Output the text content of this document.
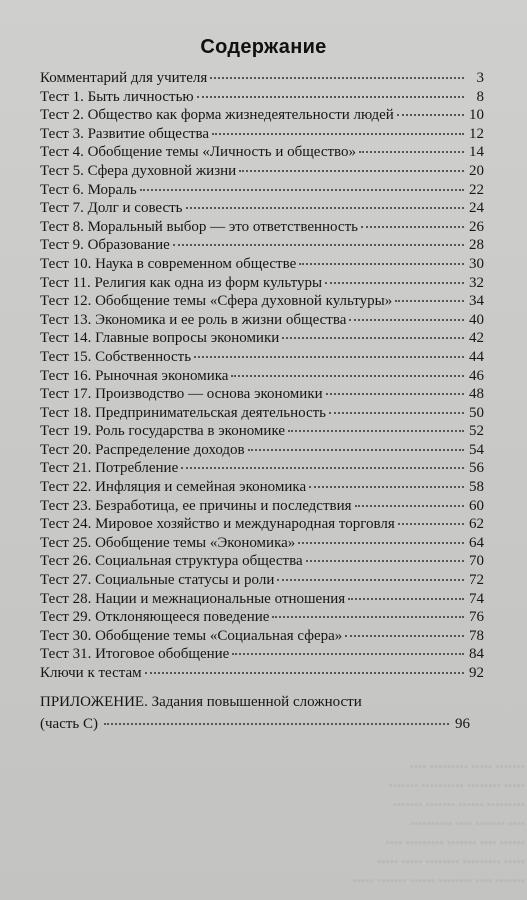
▪▪▪▪▪▪▪ ▪▪▪▪ ▪▪▪▪▪▪▪▪ ▪▪▪▪▪▪ ▪▪▪▪▪▪▪ ▪▪▪▪▪
▪▪▪▪▪ ▪▪▪▪▪▪▪▪▪ ▪▪▪▪▪▪▪▪ ▪▪▪▪▪ ▪▪▪▪▪
▪▪▪▪▪▪ ▪▪▪▪ ▪▪▪▪▪▪▪ ▪▪▪▪▪▪▪▪▪ ▪▪▪▪
▪▪▪▪ ▪▪▪▪▪▪▪ ▪▪▪▪ ▪▪▪▪▪▪▪▪▪▪
▪▪▪▪▪▪▪▪▪ ▪▪▪▪▪▪ ▪▪▪▪▪▪▪ ▪▪▪▪▪▪▪
▪▪▪▪▪ ▪▪▪▪▪▪▪▪ ▪▪▪▪▪▪▪▪▪▪ ▪▪▪▪▪▪▪
▪▪▪▪▪▪▪ ▪▪▪▪▪ ▪▪▪▪▪▪▪▪▪ ▪▪▪▪
Содержание
Комментарий для учителя	3
Тест 1. Быть личностью	8
Тест 2. Общество как форма жизнедеятельности людей	10
Тест 3. Развитие общества	12
Тест 4. Обобщение темы «Личность и общество»	14
Тест 5. Сфера духовной жизни	20
Тест 6. Мораль	22
Тест 7. Долг и совесть	24
Тест 8. Моральный выбор — это ответственность	26
Тест 9. Образование	28
Тест 10. Наука в современном обществе	30
Тест 11. Религия как одна из форм культуры	32
Тест 12. Обобщение темы «Сфера духовной культуры»	34
Тест 13. Экономика и ее роль в жизни общества	40
Тест 14. Главные вопросы экономики	42
Тест 15. Собственность	44
Тест 16. Рыночная экономика	46
Тест 17. Производство — основа экономики	48
Тест 18. Предпринимательская деятельность	50
Тест 19. Роль государства в экономике	52
Тест 20. Распределение доходов	54
Тест 21. Потребление	56
Тест 22. Инфляция и семейная экономика	58
Тест 23. Безработица, ее причины и последствия	60
Тест 24. Мировое хозяйство и международная торговля	62
Тест 25. Обобщение темы «Экономика»	64
Тест 26. Социальная структура общества	70
Тест 27. Социальные статусы и роли	72
Тест 28. Нации и межнациональные отношения	74
Тест 29. Отклоняющееся поведение	76
Тест 30. Обобщение темы «Социальная сфера»	78
Тест 31. Итоговое обобщение	84
Ключи к тестам	92
ПРИЛОЖЕНИЕ. Задания повышенной сложности
(часть С)	96
